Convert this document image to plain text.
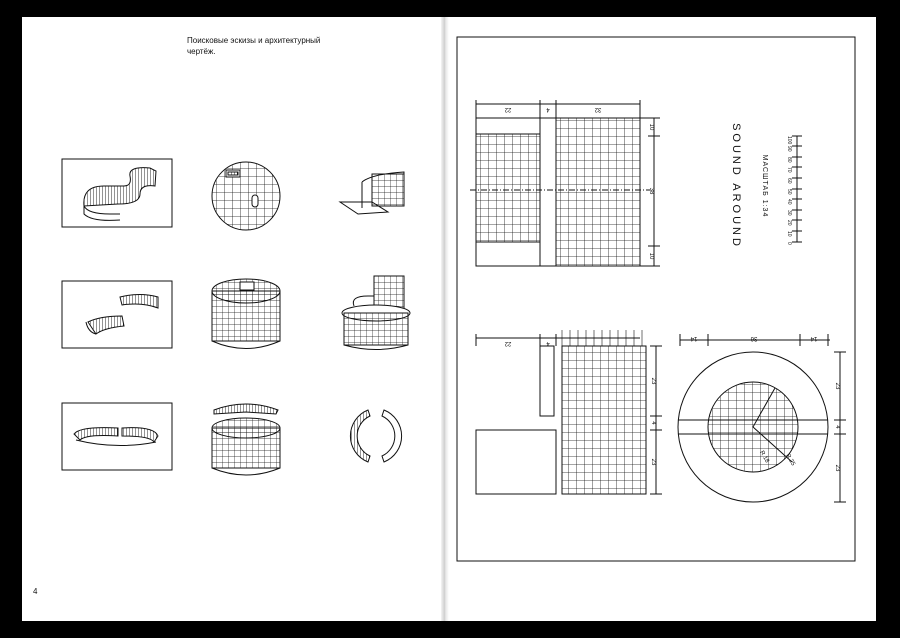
Поисковые эскизы и архитектурный чертёж.
4
SOUND AROUND	МАСШТАБ 1:34
0
10
20
30
40
50
60
70
80
90
100
22	4	32
10
38
10
22	4
23
4
23
14	36	14
23
4
23
R 18 R 25
